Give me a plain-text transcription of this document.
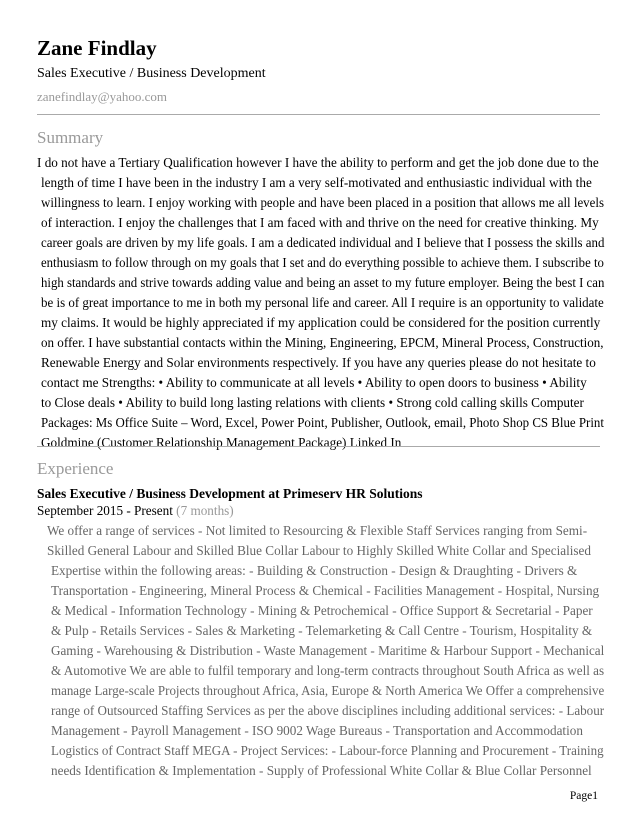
Zane Findlay
Sales Executive / Business Development
zanefindlay@yahoo.com
Summary
I do not have a Tertiary Qualification however I have the ability to perform and get the job done due to the
length of time I have been in the industry I am a very self-motivated and enthusiastic individual with the
willingness to learn. I enjoy working with people and have been placed in a position that allows me all levels
of interaction. I enjoy the challenges that I am faced with and thrive on the need for creative thinking. My
career goals are driven by my life goals. I am a dedicated individual and I believe that I possess the skills and
enthusiasm to follow through on my goals that I set and do everything possible to achieve them. I subscribe to
high standards and strive towards adding value and being an asset to my future employer. Being the best I can
be is of great importance to me in both my personal life and career. All I require is an opportunity to validate
my claims. It would be highly appreciated if my application could be considered for the position currently
on offer. I have substantial contacts within the Mining, Engineering, EPCM, Mineral Process, Construction,
Renewable Energy and Solar environments respectively. If you have any queries please do not hesitate to
contact me Strengths: • Ability to communicate at all levels • Ability to open doors to business • Ability
to Close deals • Ability to build long lasting relations with clients • Strong cold calling skills Computer
Packages: Ms Office Suite – Word, Excel, Power Point, Publisher, Outlook, email, Photo Shop CS Blue Print
Goldmine (Customer Relationship Management Package) Linked In
Experience
Sales Executive / Business Development at Primeserv HR Solutions
September 2015 - Present (7 months)
We offer a range of services - Not limited to Resourcing & Flexible Staff Services ranging from Semi-
Skilled General Labour and Skilled Blue Collar Labour to Highly Skilled White Collar and Specialised
Expertise within the following areas: - Building & Construction - Design & Draughting - Drivers &
Transportation - Engineering, Mineral Process & Chemical - Facilities Management - Hospital, Nursing
& Medical - Information Technology - Mining & Petrochemical - Office Support & Secretarial - Paper
& Pulp - Retails Services - Sales & Marketing - Telemarketing & Call Centre - Tourism, Hospitality &
Gaming - Warehousing & Distribution - Waste Management - Maritime & Harbour Support - Mechanical
& Automotive We are able to fulfil temporary and long-term contracts throughout South Africa as well as
manage Large-scale Projects throughout Africa, Asia, Europe & North America We Offer a comprehensive
range of Outsourced Staffing Services as per the above disciplines including additional services: - Labour
Management - Payroll Management - ISO 9002 Wage Bureaus - Transportation and Accommodation
Logistics of Contract Staff MEGA - Project Services: - Labour-force Planning and Procurement - Training
needs Identification & Implementation - Supply of Professional White Collar & Blue Collar Personnel
Page1
